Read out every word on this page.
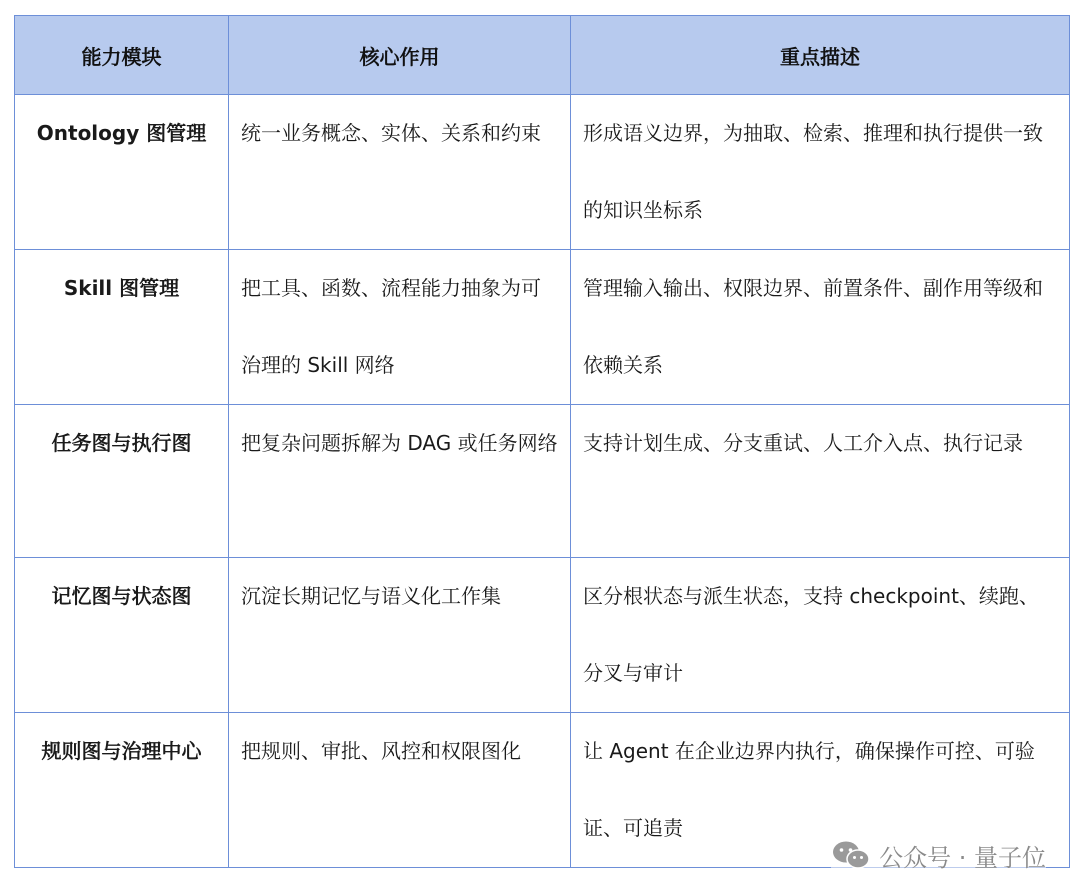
能力模块	核心作用	重点描述

Ontology 图管理	统一业务概念、实体、关系和约束	形成语义边界，为抽取、检索、推理和执行提供一致的知识坐标系

Skill 图管理	把工具、函数、流程能力抽象为可治理的 Skill 网络	管理输入输出、权限边界、前置条件、副作用等级和依赖关系

任务图与执行图	把复杂问题拆解为 DAG 或任务网络	支持计划生成、分支重试、人工介入点、执行记录

记忆图与状态图	沉淀长期记忆与语义化工作集	区分根状态与派生状态，支持 checkpoint、续跑、分叉与审计

规则图与治理中心	把规则、审批、风控和权限图化	让 Agent 在企业边界内执行，确保操作可控、可验证、可追责
公众号 · 量子位
